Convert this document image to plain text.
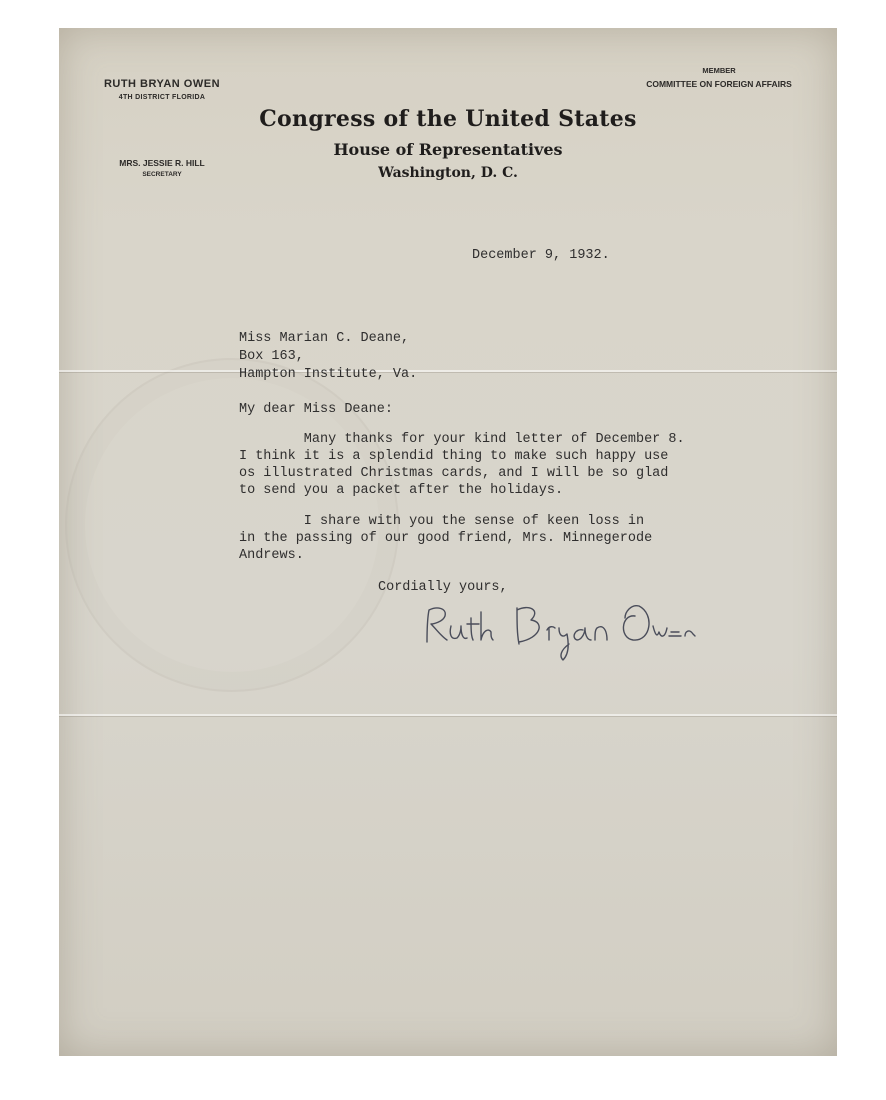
RUTH BRYAN OWEN
4TH DISTRICT FLORIDA
MRS. JESSIE R. HILL
SECRETARY
MEMBER
COMMITTEE ON FOREIGN AFFAIRS
Congress of the United States
House of Representatives
Washington, D. C.
December 9, 1932.
Miss Marian C. Deane,
Box 163,
Hampton Institute, Va.
My dear Miss Deane:
Many thanks for your kind letter of December 8.
I think it is a splendid thing to make such happy use
os illustrated Christmas cards, and I will be so glad
to send you a packet after the holidays.
I share with you the sense of keen loss in
in the passing of our good friend, Mrs. Minnegerode
Andrews.
Cordially yours,
